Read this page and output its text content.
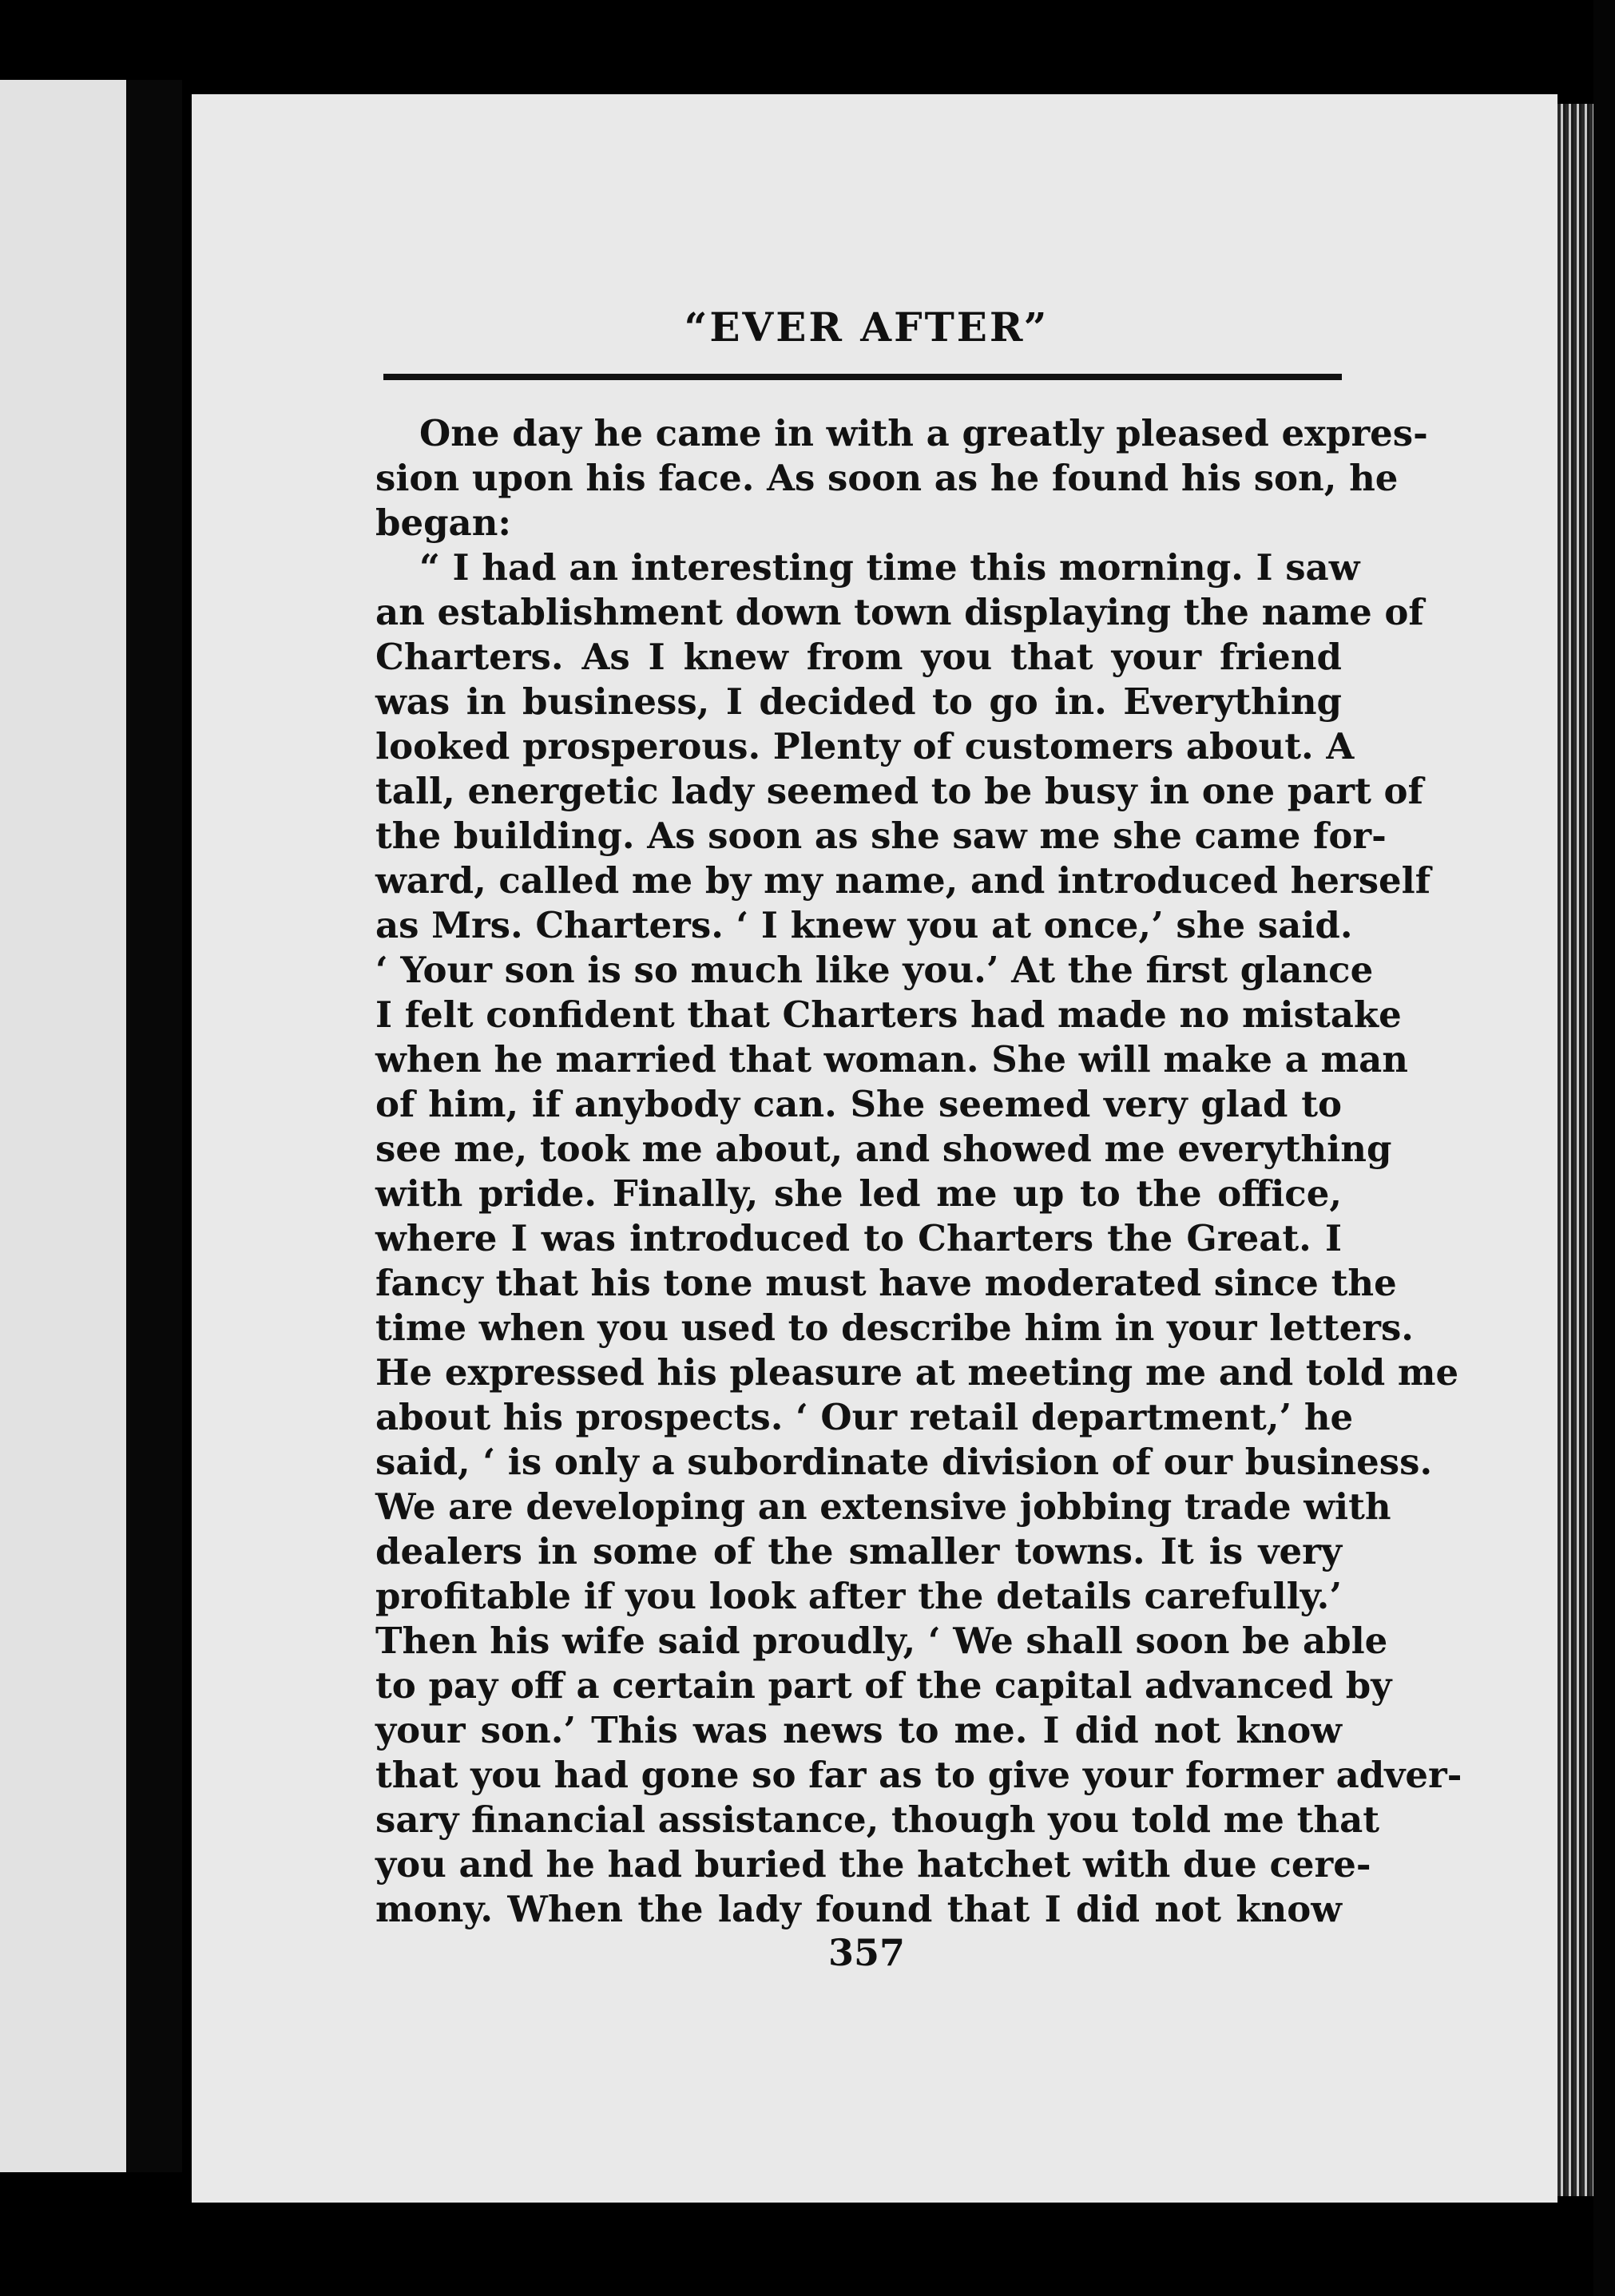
“EVER AFTER”
One day he came in with a greatly pleased expres-
sion upon his face. As soon as he found his son, he
began:
“ I had an interesting time this morning. I saw
an establishment down town displaying the name of
Charters. As I knew from you that your friend
was in business, I decided to go in. Everything
looked prosperous. Plenty of customers about. A
tall, energetic lady seemed to be busy in one part of
the building. As soon as she saw me she came for-
ward, called me by my name, and introduced herself
as Mrs. Charters. ‘ I knew you at once,’ she said.
‘ Your son is so much like you.’ At the first glance
I felt confident that Charters had made no mistake
when he married that woman. She will make a man
of him, if anybody can. She seemed very glad to
see me, took me about, and showed me everything
with pride. Finally, she led me up to the office,
where I was introduced to Charters the Great. I
fancy that his tone must have moderated since the
time when you used to describe him in your letters.
He expressed his pleasure at meeting me and told me
about his prospects. ‘ Our retail department,’ he
said, ‘ is only a subordinate division of our business.
We are developing an extensive jobbing trade with
dealers in some of the smaller towns. It is very
profitable if you look after the details carefully.’
Then his wife said proudly, ‘ We shall soon be able
to pay off a certain part of the capital advanced by
your son.’ This was news to me. I did not know
that you had gone so far as to give your former adver-
sary financial assistance, though you told me that
you and he had buried the hatchet with due cere-
mony. When the lady found that I did not know
357
